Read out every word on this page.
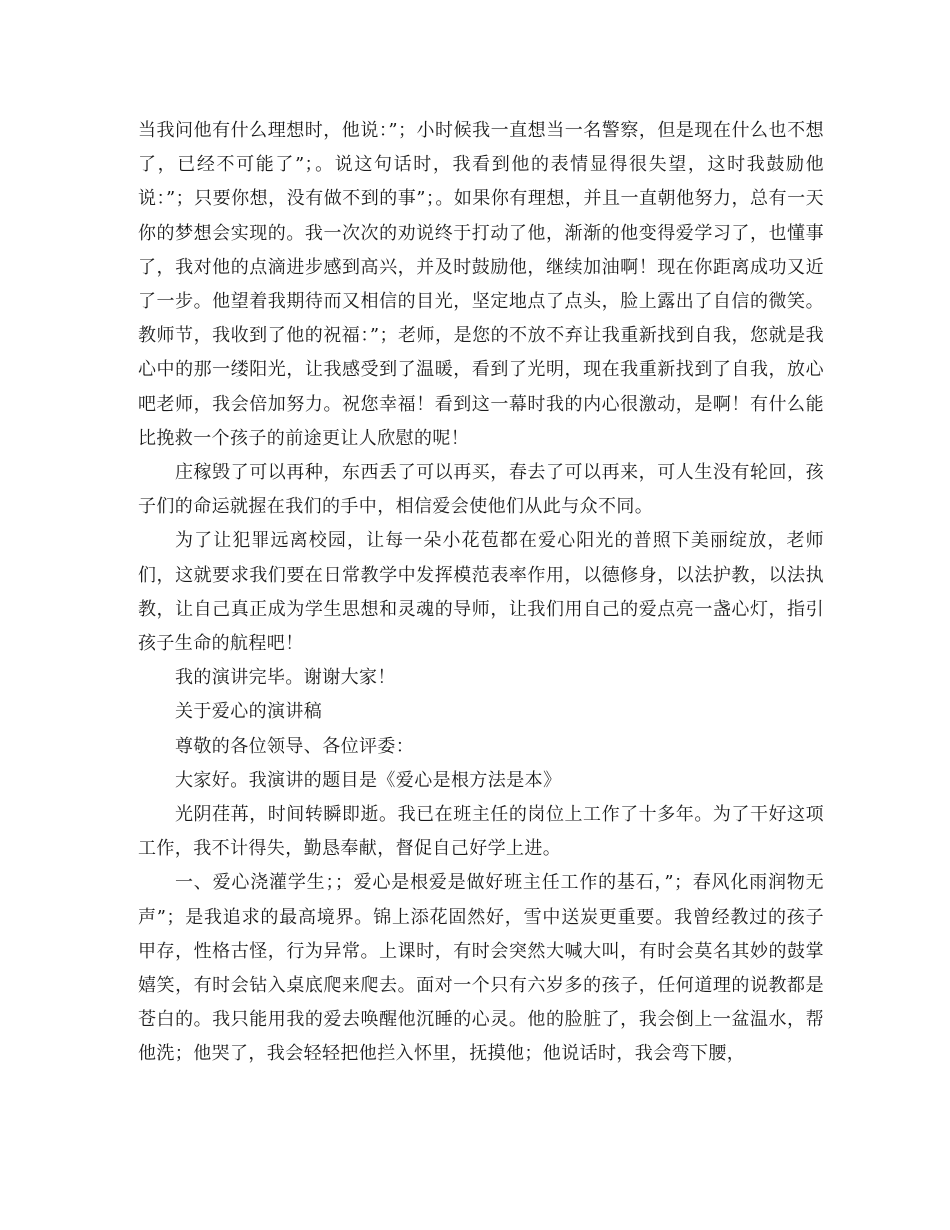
当我问他有什么理想时，他说：”；小时候我一直想当一名警察，但是现在什么也不想了，已经不可能了”；。说这句话时，我看到他的表情显得很失望，这时我鼓励他说：”；只要你想，没有做不到的事”；。如果你有理想，并且一直朝他努力，总有一天你的梦想会实现的。我一次次的劝说终于打动了他，渐渐的他变得爱学习了，也懂事了，我对他的点滴进步感到高兴，并及时鼓励他，继续加油啊！现在你距离成功又近了一步。他望着我期待而又相信的目光，坚定地点了点头，脸上露出了自信的微笑。教师节，我收到了他的祝福：”；老师，是您的不放不弃让我重新找到自我，您就是我心中的那一缕阳光，让我感受到了温暖，看到了光明，现在我重新找到了自我，放心吧老师，我会倍加努力。祝您幸福！看到这一幕时我的内心很激动，是啊！有什么能比挽救一个孩子的前途更让人欣慰的呢！

庄稼毁了可以再种，东西丢了可以再买，春去了可以再来，可人生没有轮回，孩子们的命运就握在我们的手中，相信爱会使他们从此与众不同。

为了让犯罪远离校园，让每一朵小花苞都在爱心阳光的普照下美丽绽放，老师们，这就要求我们要在日常教学中发挥模范表率作用，以德修身，以法护教，以法执教，让自己真正成为学生思想和灵魂的导师，让我们用自己的爱点亮一盏心灯，指引孩子生命的航程吧！

我的演讲完毕。谢谢大家！

关于爱心的演讲稿

尊敬的各位领导、各位评委：

大家好。我演讲的题目是《爱心是根方法是本》

光阴荏苒，时间转瞬即逝。我已在班主任的岗位上工作了十多年。为了干好这项工作，我不计得失，勤恳奉献，督促自己好学上进。

一、爱心浇灌学生；；爱心是根爱是做好班主任工作的基石，”；春风化雨润物无声”；是我追求的最高境界。锦上添花固然好，雪中送炭更重要。我曾经教过的孩子甲存，性格古怪，行为异常。上课时，有时会突然大喊大叫，有时会莫名其妙的鼓掌嬉笑，有时会钻入桌底爬来爬去。面对一个只有六岁多的孩子，任何道理的说教都是苍白的。我只能用我的爱去唤醒他沉睡的心灵。他的脸脏了，我会倒上一盆温水，帮他洗；他哭了，我会轻轻把他拦入怀里，抚摸他；他说话时，我会弯下腰，
